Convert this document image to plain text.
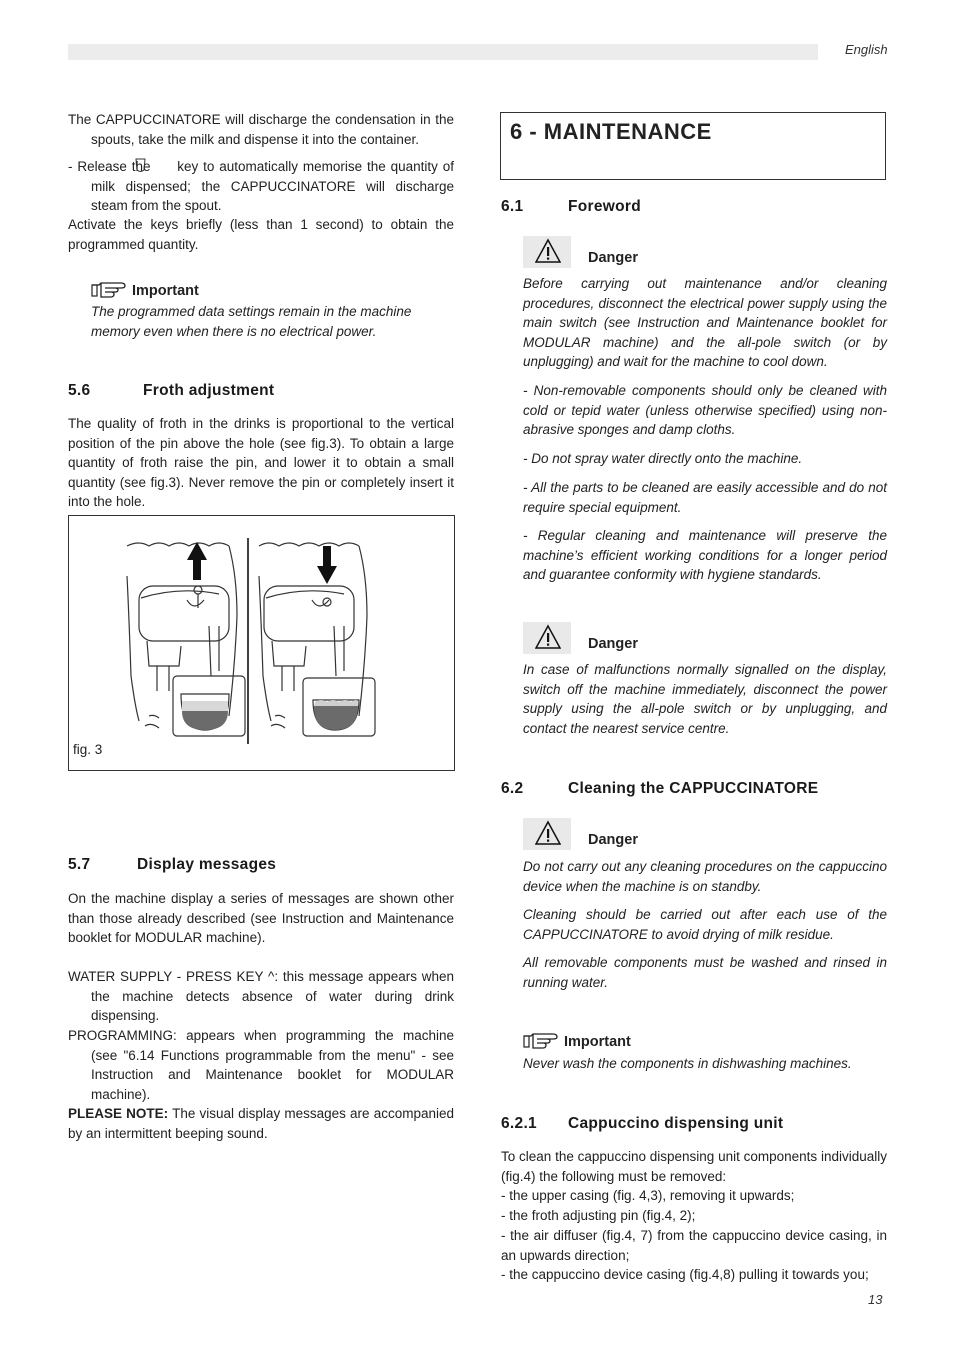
English
The CAPPUCCINATORE will discharge the condensation in the spouts, take the milk and dispense it into the container.
- Release the key to automatically memorise the quantity of milk dispensed; the CAPPUCCINATORE will discharge steam from the spout.
Activate the keys briefly (less than 1 second) to obtain the programmed quantity.
Important
The programmed data settings remain in the machine memory even when there is no electrical power.
5.6	Froth adjustment
The quality of froth in the drinks is proportional to the vertical position of the pin above the hole (see fig.3). To obtain a large quantity of froth raise the pin, and lower it to obtain a small quantity (see fig.3). Never remove the pin or completely insert it into the hole.
fig. 3
5.7	Display messages
On the machine display a series of messages are shown other than those already described (see Instruction and Maintenance booklet for MODULAR machine).
WATER SUPPLY - PRESS KEY ^: this message appears when the machine detects absence of water during drink dispensing.
PROGRAMMING: appears when programming the machine (see "6.14 Functions programmable from the menu" - see Instruction and Maintenance booklet for MODULAR machine).
PLEASE NOTE: The visual display messages are accompanied by an intermittent beeping sound.
6 - MAINTENANCE
6.1	Foreword
Danger
Before carrying out maintenance and/or cleaning procedures, disconnect the electrical power supply using the main switch (see Instruction and Maintenance booklet for MODULAR machine) and the all-pole switch (or by unplugging) and wait for the machine to cool down.
- Non-removable components should only be cleaned with cold or tepid water (unless otherwise specified) using non-abrasive sponges and damp cloths.
- Do not spray water directly onto the machine.
- All the parts to be cleaned are easily accessible and do not require special equipment.
- Regular cleaning and maintenance will preserve the machine’s efficient working conditions for a longer period and guarantee conformity with hygiene standards.
Danger
In case of malfunctions normally signalled on the display, switch off the machine immediately, disconnect the power supply using the all-pole switch or by unplugging, and contact the nearest service centre.
6.2	Cleaning the CAPPUCCINATORE
Danger
Do not carry out any cleaning procedures on the cappuccino device when the machine is on standby.
Cleaning should be carried out after each use of the CAPPUCCINATORE to avoid drying of milk residue.
All removable components must be washed and rinsed in running water.
Important
Never wash the components in dishwashing machines.
6.2.1 Cappuccino dispensing unit
To clean the cappuccino dispensing unit components individually (fig.4) the following must be removed:
- the upper casing (fig. 4,3), removing it upwards;
- the froth adjusting pin (fig.4, 2);
- the air diffuser (fig.4, 7) from the cappuccino device casing, in an upwards direction;
- the cappuccino device casing (fig.4,8) pulling it towards you;
13
